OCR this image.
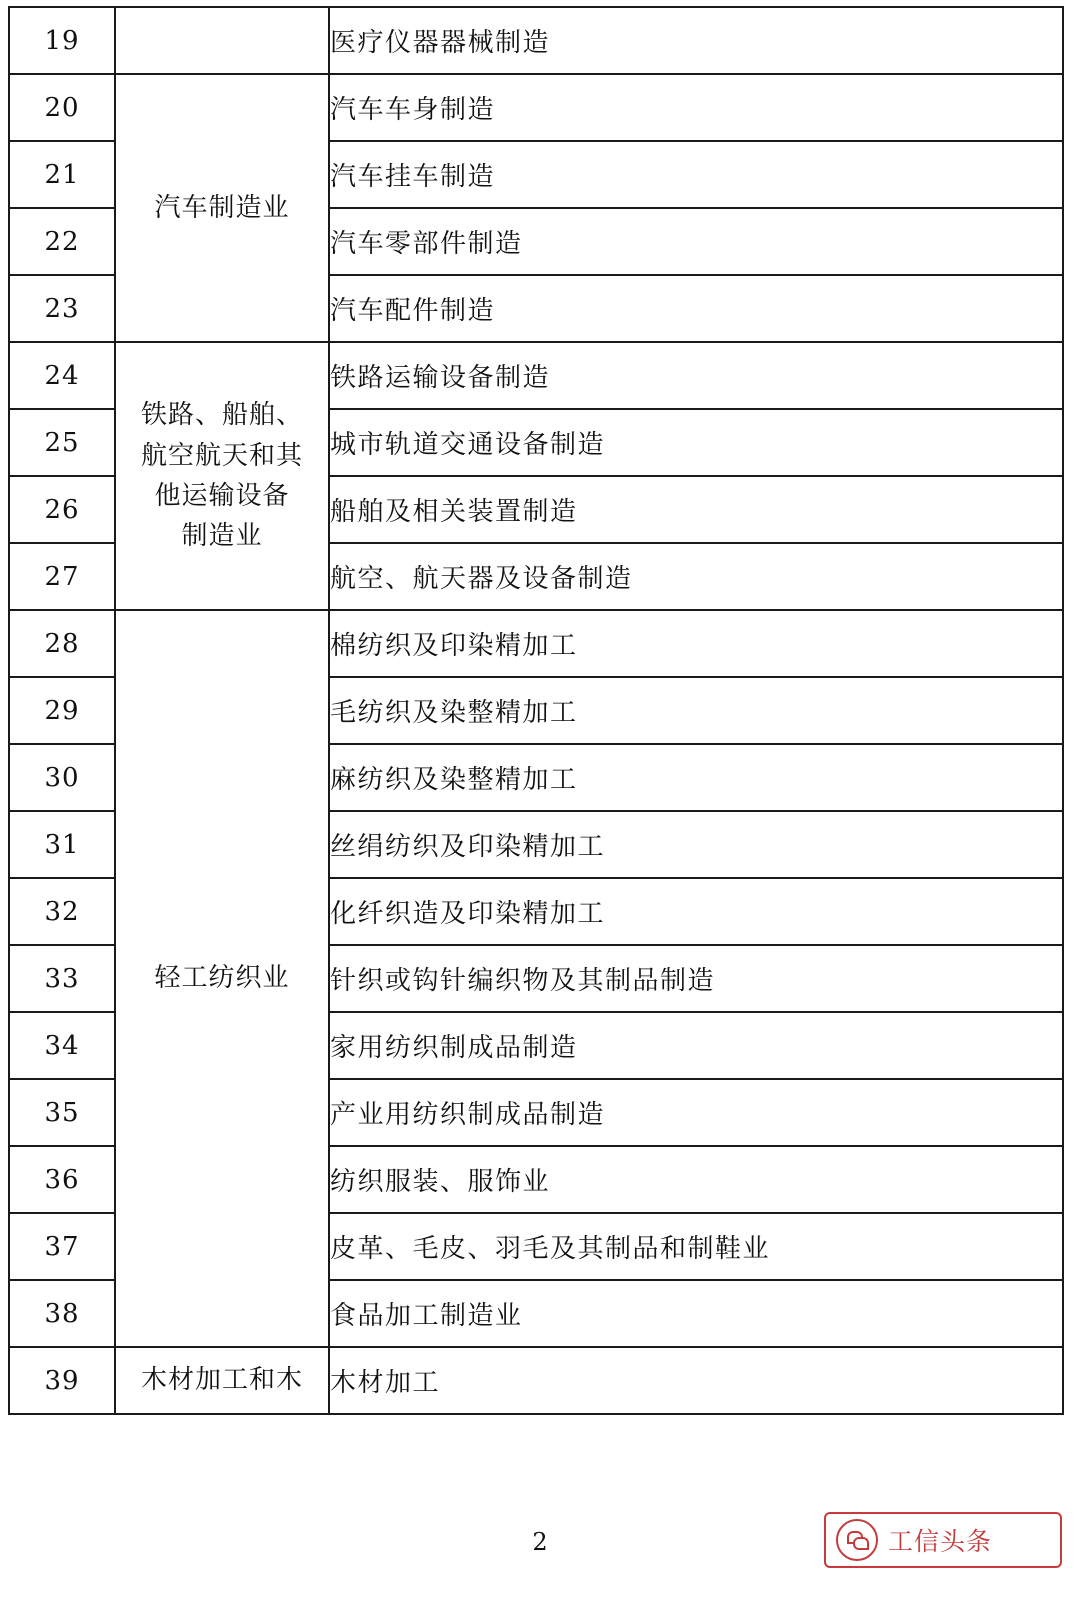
19		医疗仪器器械制造
20	汽车制造业	汽车车身制造
21		汽车挂车制造
22		汽车零部件制造
23		汽车配件制造
24	铁路、船舶、
航空航天和其
他运输设备
制造业	铁路运输设备制造
25		城市轨道交通设备制造
26		船舶及相关装置制造
27		航空、航天器及设备制造
28	轻工纺织业	棉纺织及印染精加工
29		毛纺织及染整精加工
30		麻纺织及染整精加工
31		丝绢纺织及印染精加工
32		化纤织造及印染精加工
33		针织或钩针编织物及其制品制造
34		家用纺织制成品制造
35		产业用纺织制成品制造
36		纺织服装、服饰业
37		皮革、毛皮、羽毛及其制品和制鞋业
38		食品加工制造业
39	木材加工和木	木材加工
2	工信头条
